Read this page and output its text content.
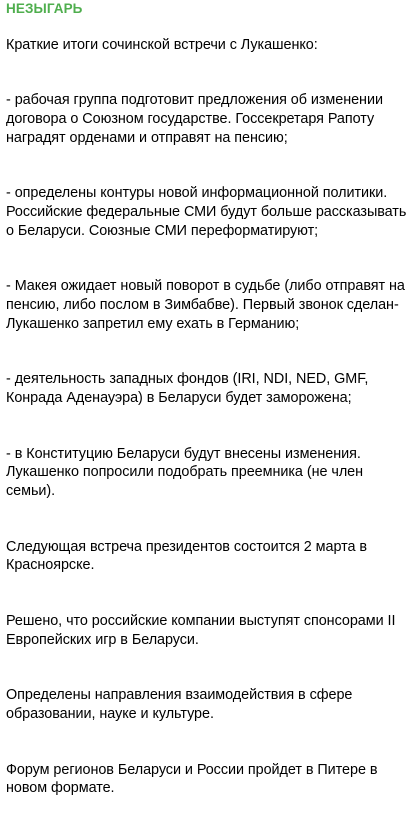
НЕЗЫГАРЬ

Краткие итоги сочинской встречи с Лукашенко:

- рабочая группа подготовит предложения об изменении договора о Союзном государстве. Госсекретаря Рапоту наградят орденами и отправят на пенсию;

- определены контуры новой информационной политики. Российские федеральные СМИ будут больше рассказывать о Беларуси. Союзные СМИ переформатируют;

- Макея ожидает новый поворот в судьбе (либо отправят на пенсию, либо послом в Зимбабве). Первый звонок сделан- Лукашенко запретил ему ехать в Германию;

- деятельность западных фондов (IRI, NDI, NED, GMF, Конрада Аденауэра) в Беларуси будет заморожена;

- в Конституцию Беларуси будут внесены изменения. Лукашенко попросили подобрать преемника (не член семьи).

Следующая встреча президентов состоится 2 марта в Красноярске.

Решено, что российские компании выступят спонсорами II Европейских игр в Беларуси.

Определены направления взаимодействия в сфере образовании, науке и культуре.

Форум регионов Беларуси и России пройдет в Питере в новом формате.
